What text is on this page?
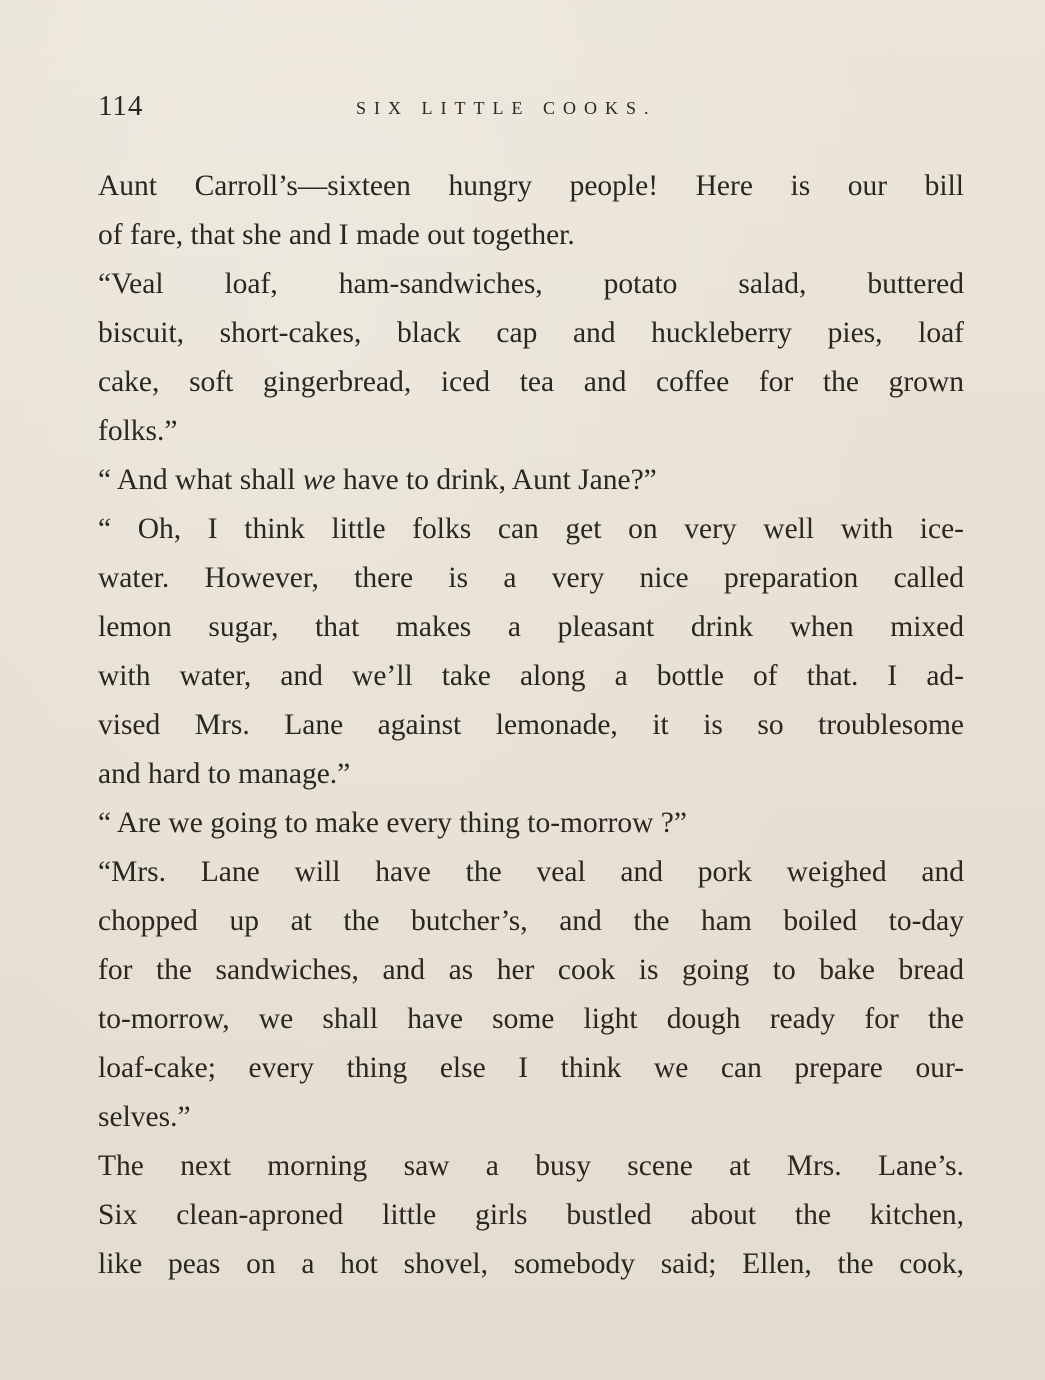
114	SIX LITTLE COOKS.
Aunt Carroll’s—sixteen hungry people! Here is our bill
of fare, that she and I made out together.
“Veal loaf, ham-sandwiches, potato salad, buttered
biscuit, short-cakes, black cap and huckleberry pies, loaf
cake, soft gingerbread, iced tea and coffee for the grown
folks.”
“ And what shall we have to drink, Aunt Jane?”
“ Oh, I think little folks can get on very well with ice-
water. However, there is a very nice preparation called
lemon sugar, that makes a pleasant drink when mixed
with water, and we’ll take along a bottle of that. I ad-
vised Mrs. Lane against lemonade, it is so troublesome
and hard to manage.”
“ Are we going to make every thing to-morrow ?”
“Mrs. Lane will have the veal and pork weighed and
chopped up at the butcher’s, and the ham boiled to-day
for the sandwiches, and as her cook is going to bake bread
to-morrow, we shall have some light dough ready for the
loaf-cake; every thing else I think we can prepare our-
selves.”
The next morning saw a busy scene at Mrs. Lane’s.
Six clean-aproned little girls bustled about the kitchen,
like peas on a hot shovel, somebody said; Ellen, the cook,
